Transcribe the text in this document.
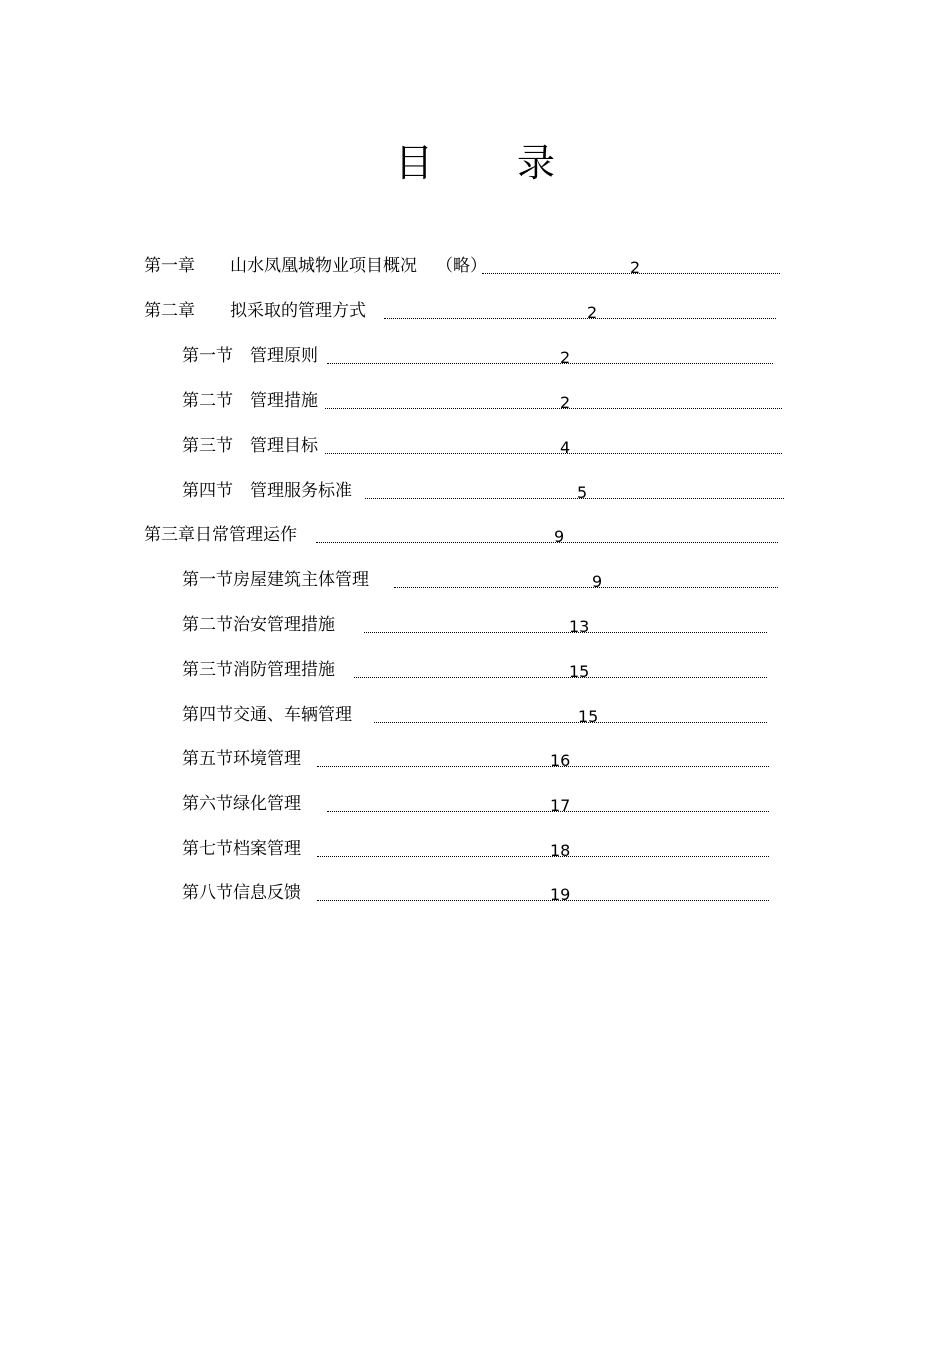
目 录
第一章 山水凤凰城物业项目概况 （略）	2
第二章 拟采取的管理方式	2
第一节 管理原则	2
第二节 管理措施	2
第三节 管理目标	4
第四节 管理服务标准	5
第三章日常管理运作	9
第一节房屋建筑主体管理	9
第二节治安管理措施	13
第三节消防管理措施	15
第四节交通、车辆管理	15
第五节环境管理	16
第六节绿化管理	17
第七节档案管理	18
第八节信息反馈	19
